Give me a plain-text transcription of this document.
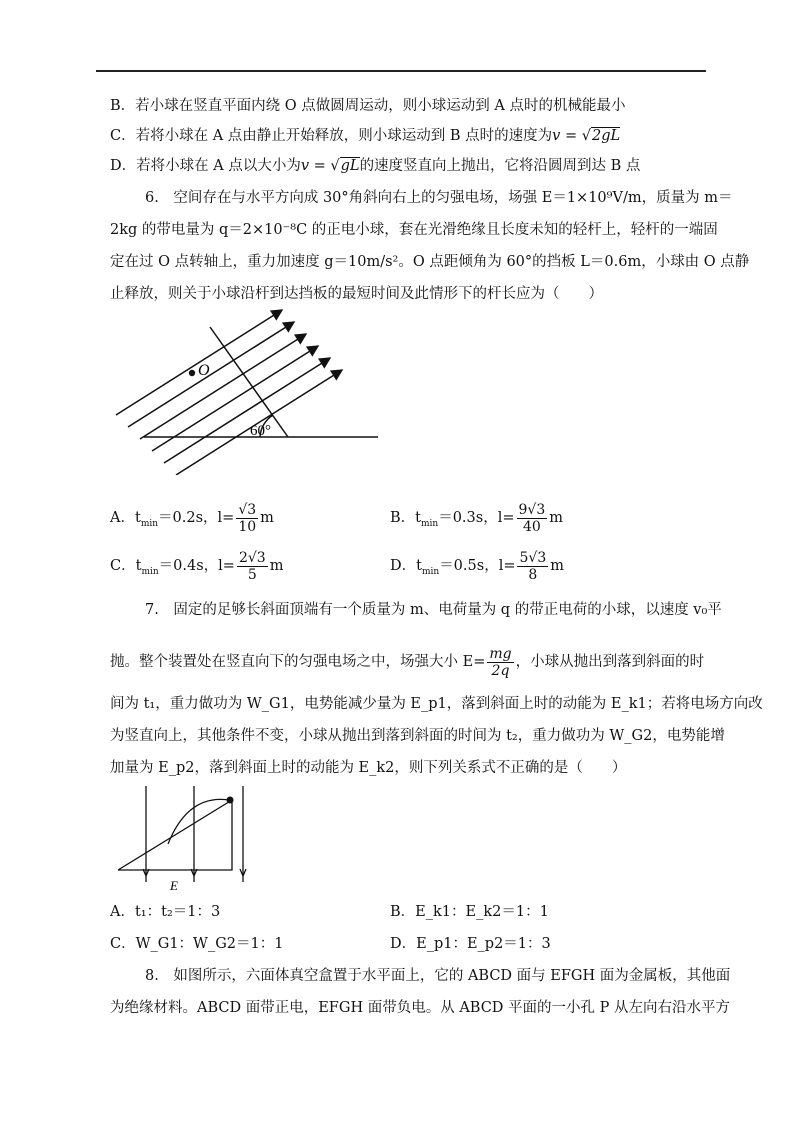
B．若小球在竖直平面内绕 O 点做圆周运动，则小球运动到 A 点时的机械能最小
C．若将小球在 A 点由静止开始释放，则小球运动到 B 点时的速度为v = √2gL
D．若将小球在 A 点以大小为v = √gL的速度竖直向上抛出，它将沿圆周到达 B 点
6.　空间存在与水平方向成 30°角斜向右上的匀强电场，场强 E＝1×10⁹V/m，质量为 m＝
2kg 的带电量为 q＝2×10⁻⁸C 的正电小球，套在光滑绝缘且长度未知的轻杆上，轻杆的一端固
定在过 O 点转轴上，重力加速度 g＝10m/s²。O 点距倾角为 60°的挡板 L＝0.6m，小球由 O 点静
止释放，则关于小球沿杆到达挡板的最短时间及此情形下的杆长应为（　　）
O
60°
A．$t_{min}=0.2s$，$l= \frac{√3}{10}$ m	B．$t_{min}=0.3s$，$l= \frac{9√3}{40}$ m
C．$t_{min}=0.4s$，$l= \frac{2√3}{5}$ m	D．$t_{min}=0.5s$，$l= \frac{5√3}{8}$ m
7.　固定的足够长斜面顶端有一个质量为 m、电荷量为 q 的带正电荷的小球，以速度 v₀平
抛。整个装置处在竖直向下的匀强电场之中，场强大小 $E= \frac{mg}{2q}$ ，小球从抛出到落到斜面的时
间为 t₁，重力做功为 W_G1，电势能减少量为 E_p1，落到斜面上时的动能为 E_k1；若将电场方向改
为竖直向上，其他条件不变，小球从抛出到落到斜面的时间为 t₂，重力做功为 W_G2，电势能增
加量为 E_p2，落到斜面上时的动能为 E_k2，则下列关系式不正确的是（　　）
E
A．t₁：t₂＝1：3	B．E_k1：E_k2＝1：1
C．W_G1：W_G2＝1：1	D．E_p1：E_p2＝1：3
8.　如图所示，六面体真空盒置于水平面上，它的 ABCD 面与 EFGH 面为金属板，其他面
为绝缘材料。ABCD 面带正电，EFGH 面带负电。从 ABCD 平面的一小孔 P 从左向右沿水平方
